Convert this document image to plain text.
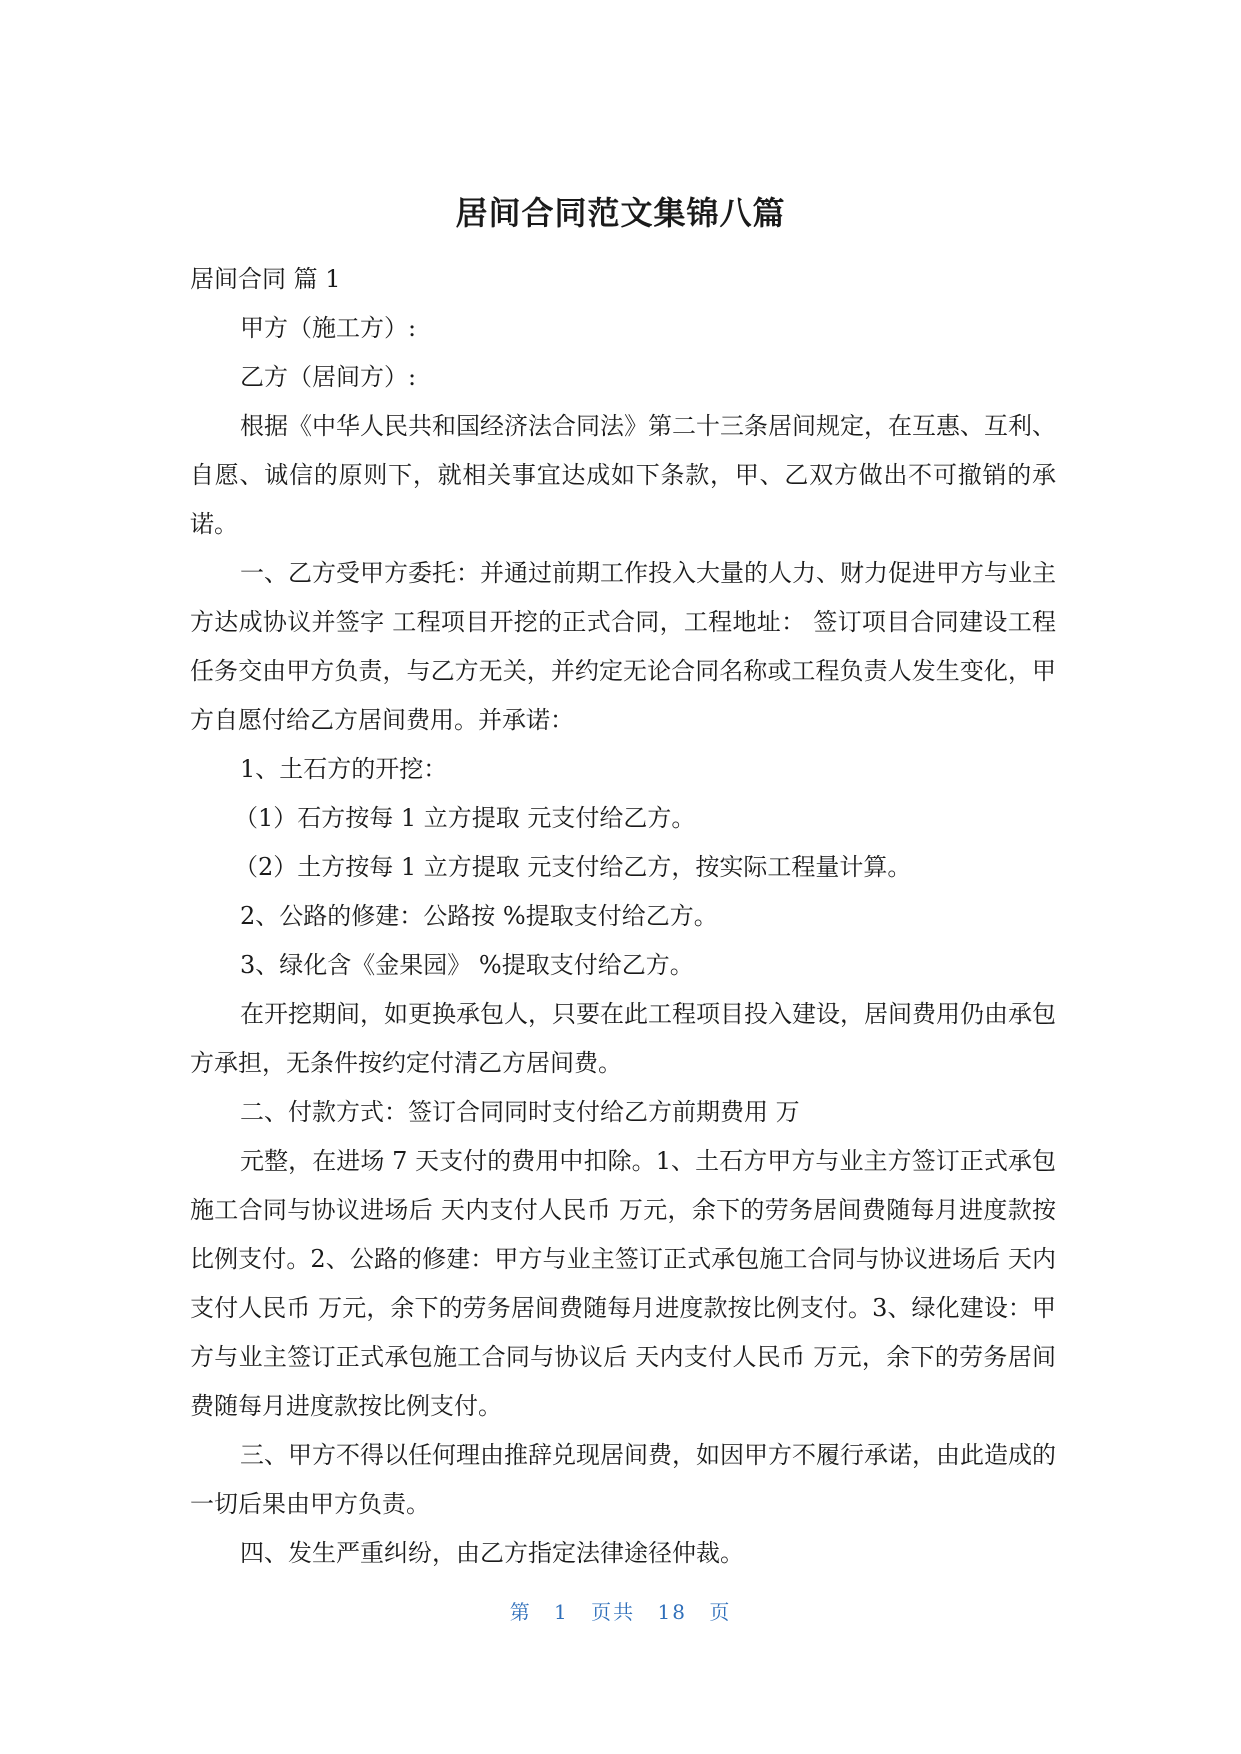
居间合同范文集锦八篇

居间合同 篇 1

甲方（施工方）:

乙方（居间方）:

根据《中华人民共和国经济法合同法》第二十三条居间规定，在互惠、互利、自愿、诚信的原则下，就相关事宜达成如下条款，甲、乙双方做出不可撤销的承诺。

一、乙方受甲方委托：并通过前期工作投入大量的人力、财力促进甲方与业主方达成协议并签字 工程项目开挖的正式合同，工程地址： 签订项目合同建设工程任务交由甲方负责，与乙方无关，并约定无论合同名称或工程负责人发生变化，甲方自愿付给乙方居间费用。并承诺：

1、土石方的开挖：

（1）石方按每 1 立方提取 元支付给乙方。

（2）土方按每 1 立方提取 元支付给乙方，按实际工程量计算。

2、公路的修建：公路按 %提取支付给乙方。

3、绿化含《金果园》 %提取支付给乙方。

在开挖期间，如更换承包人，只要在此工程项目投入建设，居间费用仍由承包方承担，无条件按约定付清乙方居间费。

二、付款方式：签订合同同时支付给乙方前期费用 万

元整，在进场 7 天支付的费用中扣除。1、土石方甲方与业主方签订正式承包施工合同与协议进场后 天内支付人民币 万元，余下的劳务居间费随每月进度款按比例支付。2、公路的修建：甲方与业主签订正式承包施工合同与协议进场后 天内支付人民币 万元，余下的劳务居间费随每月进度款按比例支付。3、绿化建设：甲方与业主签订正式承包施工合同与协议后 天内支付人民币 万元，余下的劳务居间费随每月进度款按比例支付。

三、甲方不得以任何理由推辞兑现居间费，如因甲方不履行承诺，由此造成的一切后果由甲方负责。

四、发生严重纠纷，由乙方指定法律途径仲裁。

第 1 页共 18 页
